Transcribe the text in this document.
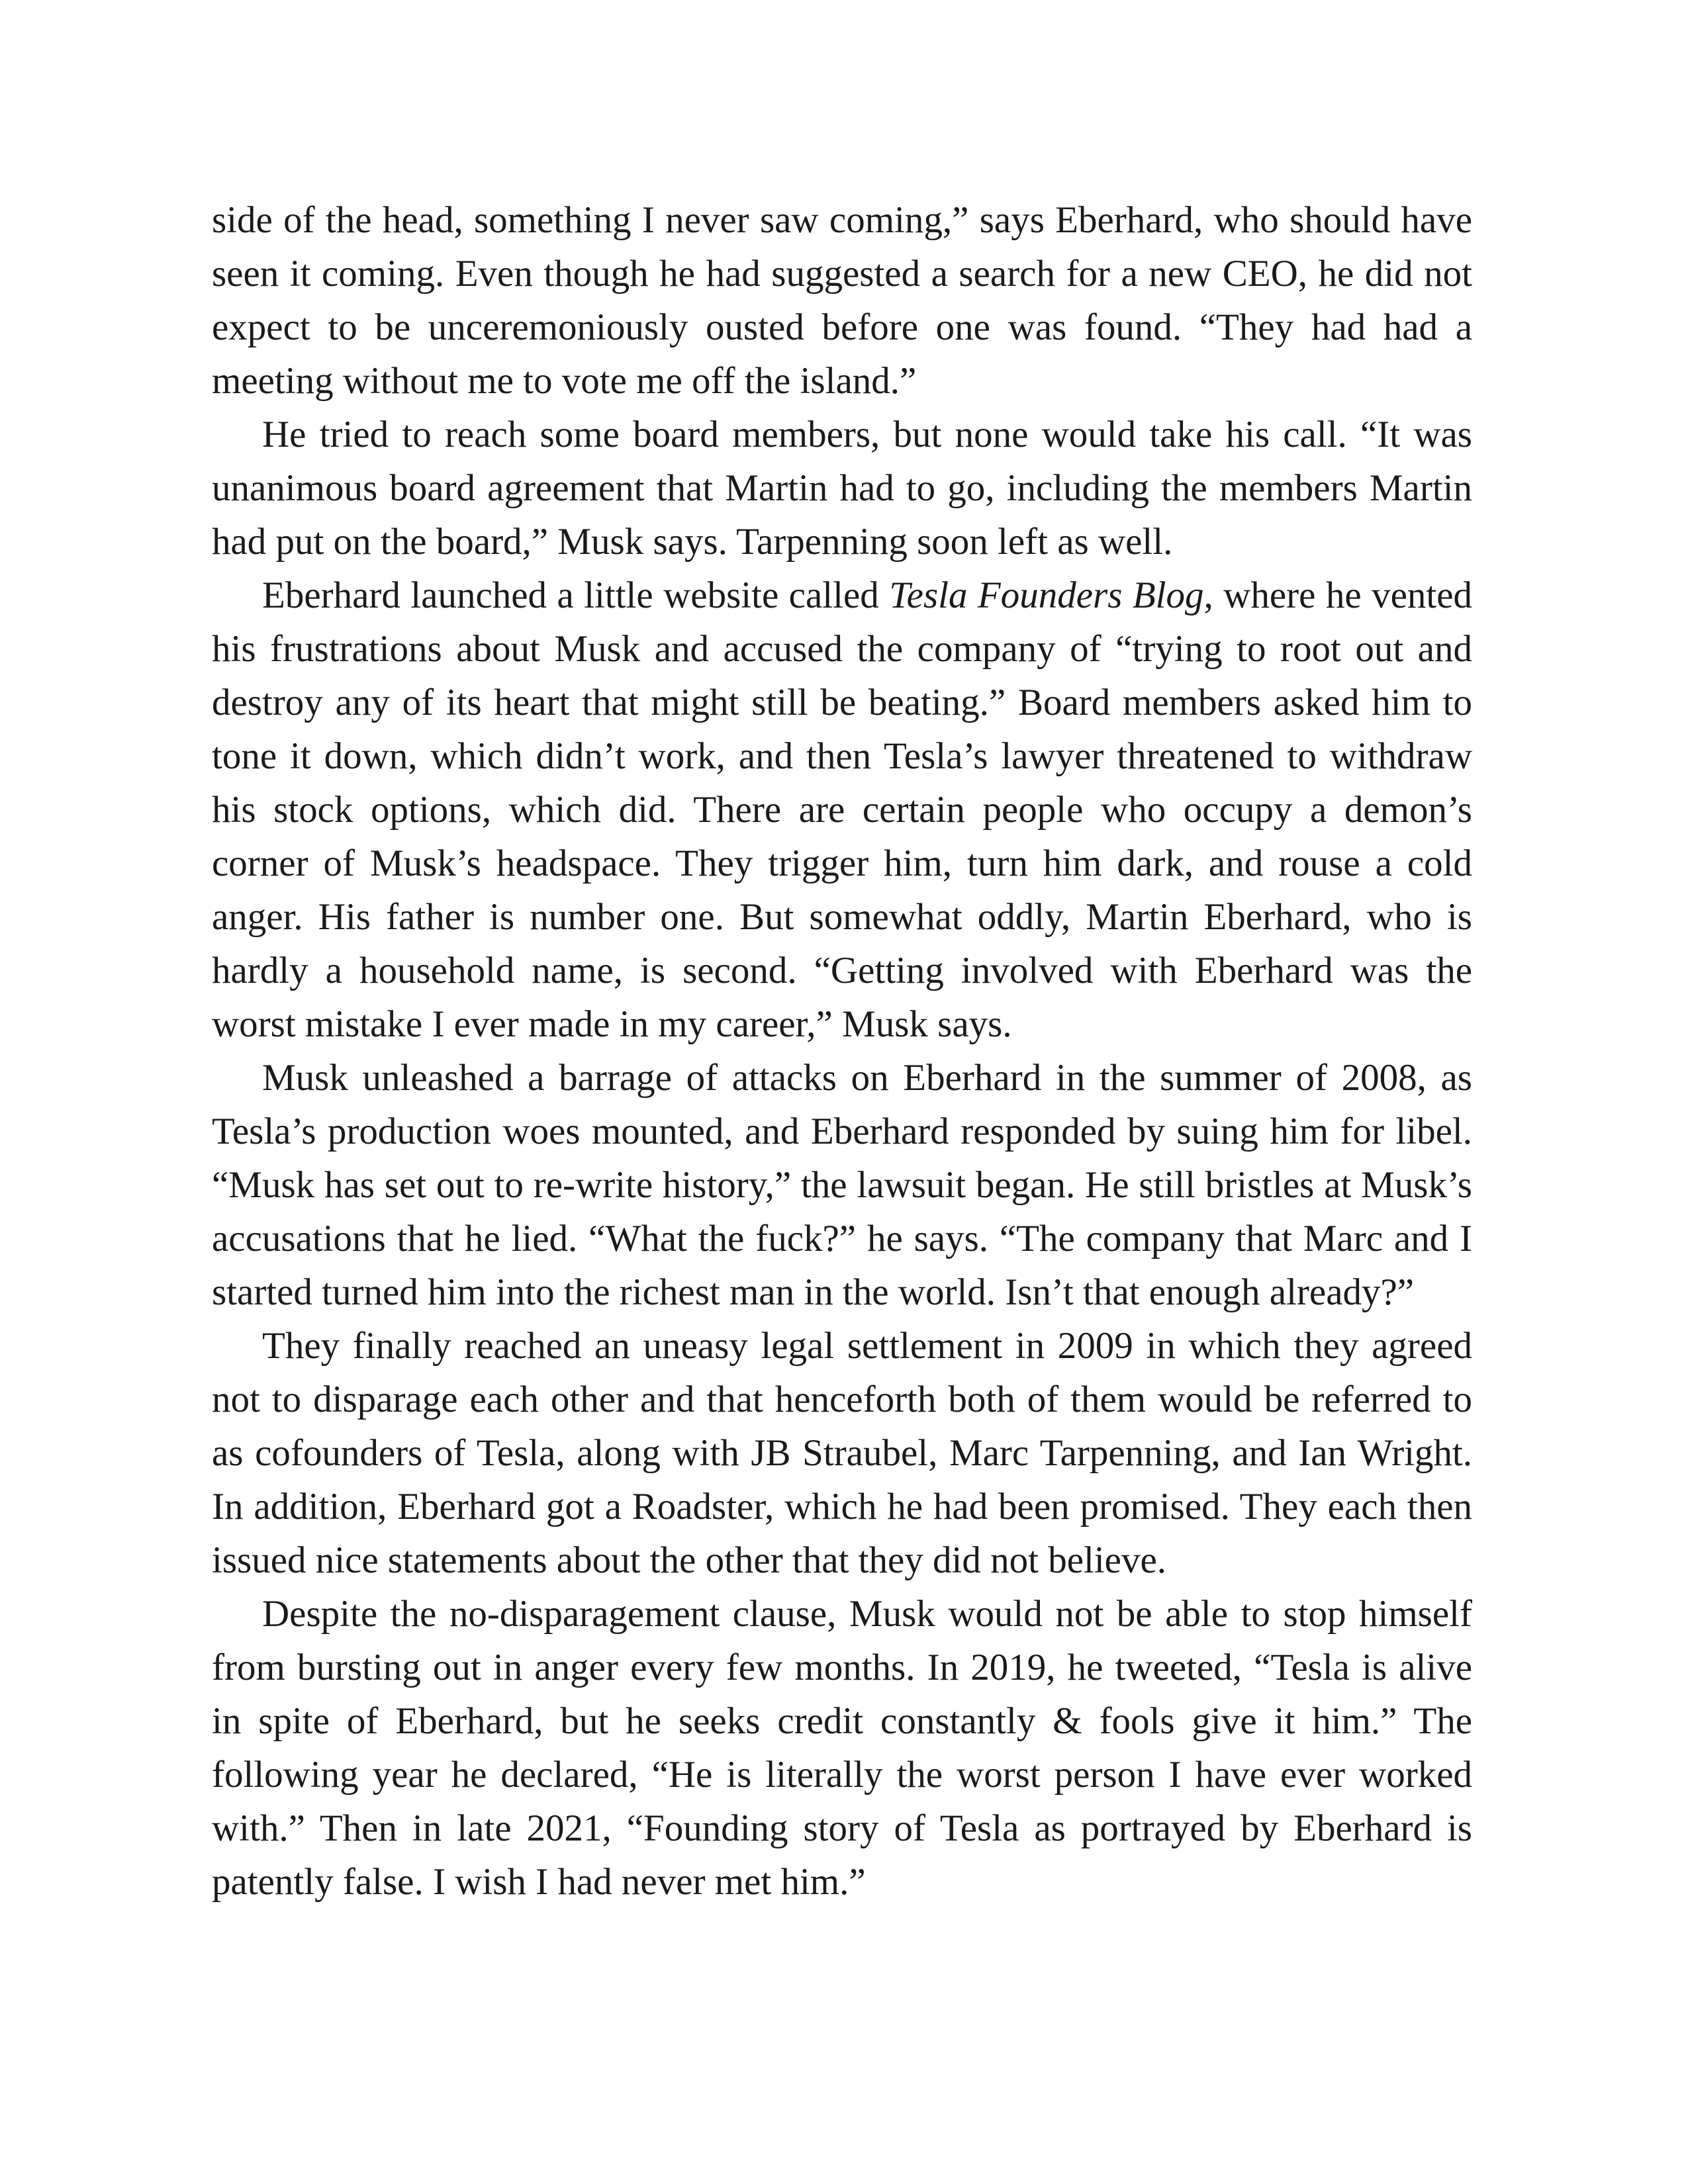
side of the head, something I never saw coming,” says Eberhard, who should have seen it coming. Even though he had suggested a search for a new CEO, he did not expect to be unceremoniously ousted before one was found. “They had had a meeting without me to vote me off the island.”

He tried to reach some board members, but none would take his call. “It was unanimous board agreement that Martin had to go, including the members Martin had put on the board,” Musk says. Tarpenning soon left as well.

Eberhard launched a little website called Tesla Founders Blog, where he vented his frustrations about Musk and accused the company of “trying to root out and destroy any of its heart that might still be beating.” Board members asked him to tone it down, which didn’t work, and then Tesla’s lawyer threatened to withdraw his stock options, which did. There are certain people who occupy a demon’s corner of Musk’s headspace. They trigger him, turn him dark, and rouse a cold anger. His father is number one. But somewhat oddly, Martin Eberhard, who is hardly a household name, is second. “Getting involved with Eberhard was the worst mistake I ever made in my career,” Musk says.

Musk unleashed a barrage of attacks on Eberhard in the summer of 2008, as Tesla’s production woes mounted, and Eberhard responded by suing him for libel. “Musk has set out to re-write history,” the lawsuit began. He still bristles at Musk’s accusations that he lied. “What the fuck?” he says. “The company that Marc and I started turned him into the richest man in the world. Isn’t that enough already?”

They finally reached an uneasy legal settlement in 2009 in which they agreed not to disparage each other and that henceforth both of them would be referred to as cofounders of Tesla, along with JB Straubel, Marc Tarpenning, and Ian Wright. In addition, Eberhard got a Roadster, which he had been promised. They each then issued nice statements about the other that they did not believe.

Despite the no-disparagement clause, Musk would not be able to stop himself from bursting out in anger every few months. In 2019, he tweeted, “Tesla is alive in spite of Eberhard, but he seeks credit constantly & fools give it him.” The following year he declared, “He is literally the worst person I have ever worked with.” Then in late 2021, “Founding story of Tesla as portrayed by Eberhard is patently false. I wish I had never met him.”
